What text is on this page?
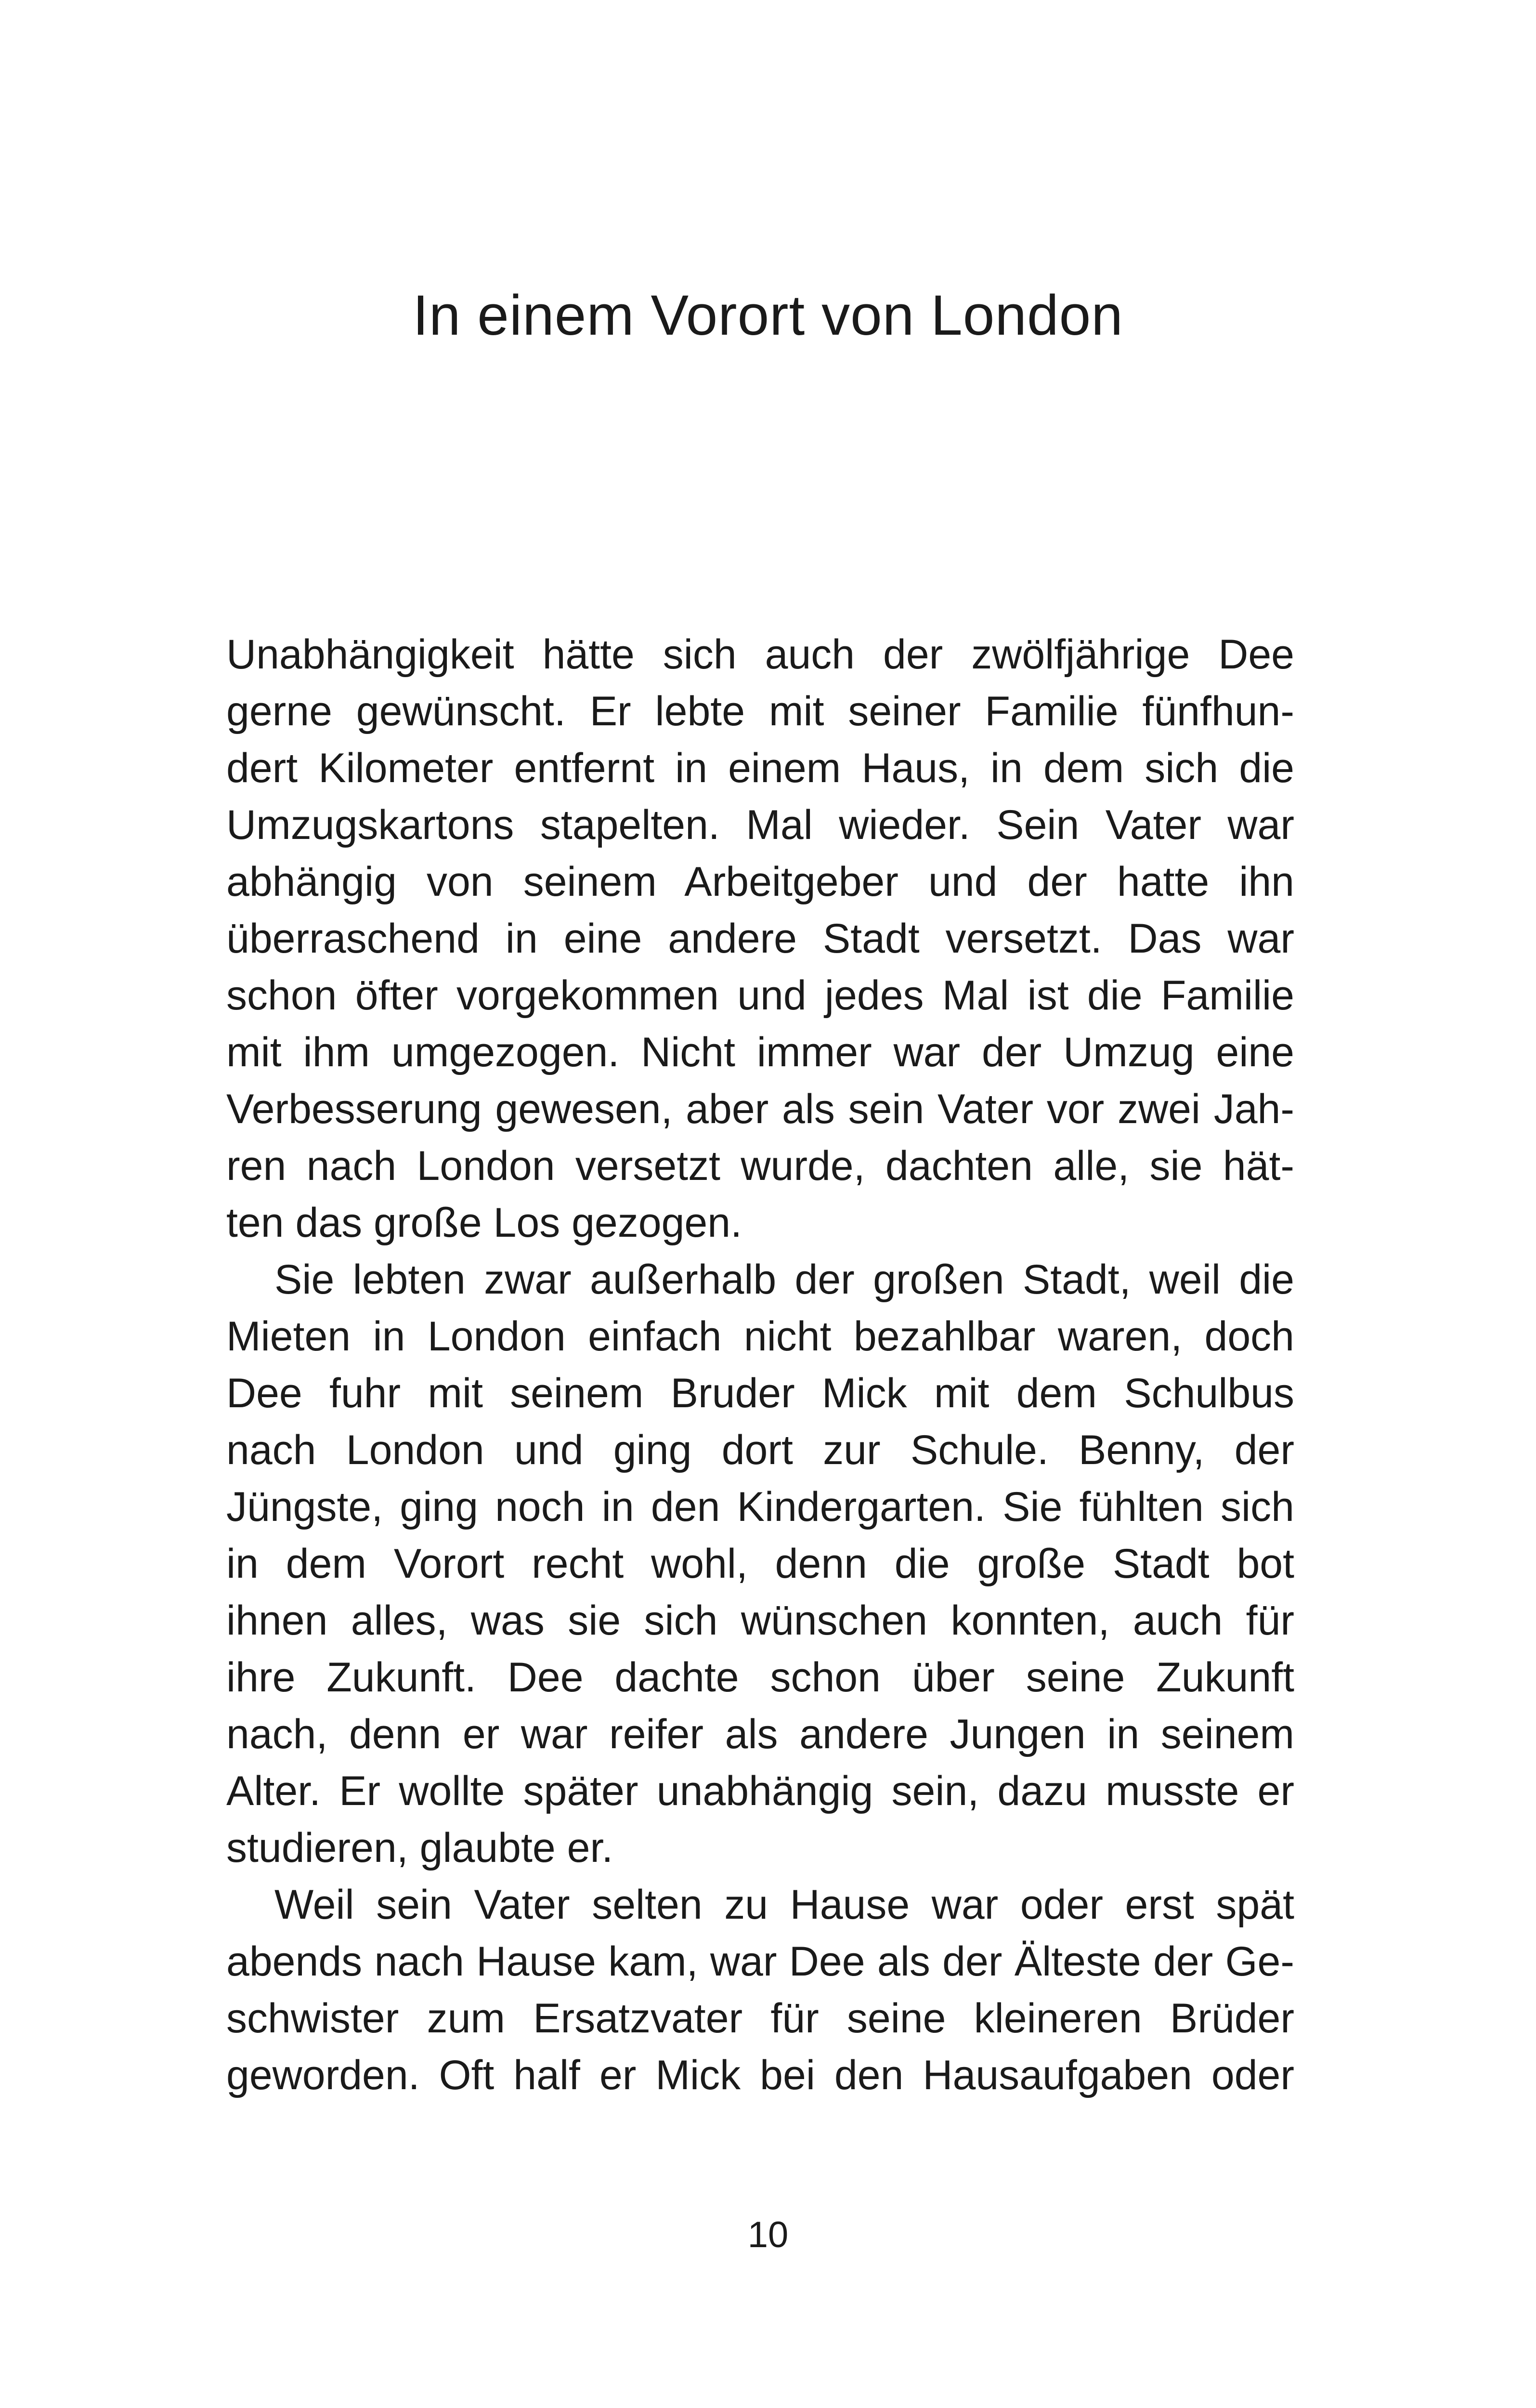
In einem Vorort von London
Unabhängigkeit hätte sich auch der zwölfjährige Dee
gerne gewünscht. Er lebte mit seiner Familie fünfhun-
dert Kilometer entfernt in einem Haus, in dem sich die
Umzugskartons stapelten. Mal wieder. Sein Vater war
abhängig von seinem Arbeitgeber und der hatte ihn
überraschend in eine andere Stadt versetzt. Das war
schon öfter vorgekommen und jedes Mal ist die Familie
mit ihm umgezogen. Nicht immer war der Umzug eine
Verbesserung gewesen, aber als sein Vater vor zwei Jah-
ren nach London versetzt wurde, dachten alle, sie hät-
ten das große Los gezogen.
Sie lebten zwar außerhalb der großen Stadt, weil die
Mieten in London einfach nicht bezahlbar waren, doch
Dee fuhr mit seinem Bruder Mick mit dem Schulbus
nach London und ging dort zur Schule. Benny, der
Jüngste, ging noch in den Kindergarten. Sie fühlten sich
in dem Vorort recht wohl, denn die große Stadt bot
ihnen alles, was sie sich wünschen konnten, auch für
ihre Zukunft. Dee dachte schon über seine Zukunft
nach, denn er war reifer als andere Jungen in seinem
Alter. Er wollte später unabhängig sein, dazu musste er
studieren, glaubte er.
Weil sein Vater selten zu Hause war oder erst spät
abends nach Hause kam, war Dee als der Älteste der Ge-
schwister zum Ersatzvater für seine kleineren Brüder
geworden. Oft half er Mick bei den Hausaufgaben oder
10
